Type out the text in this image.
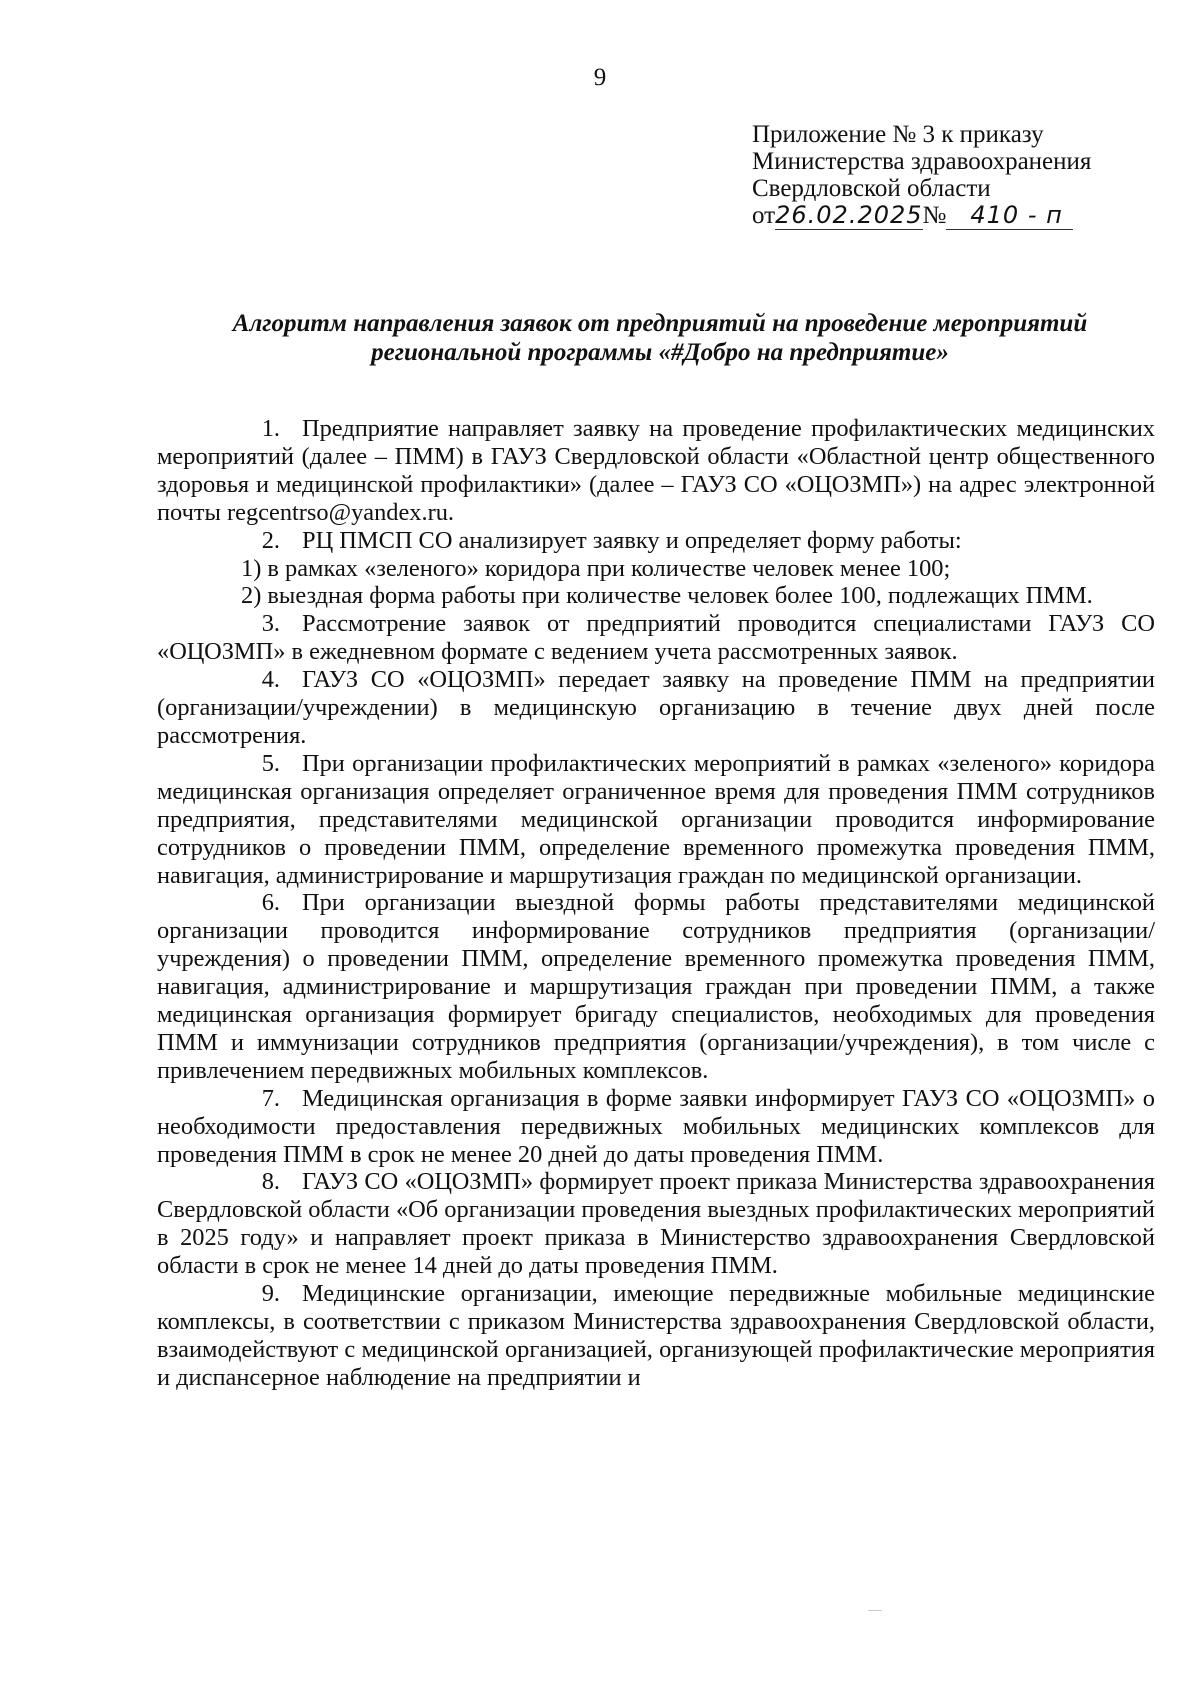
9
Приложение № 3 к приказу
Министерства здравоохранения
Свердловской области
от26.02.2025№ 410 - п
Алгоритм направления заявок от предприятий на проведение мероприятий
региональной программы «#Добро на предприятие»

1. Предприятие направляет заявку на проведение профилактических медицинских мероприятий (далее – ПММ) в ГАУЗ Свердловской области «Областной центр общественного здоровья и медицинской профилактики» (далее – ГАУЗ СО «ОЦОЗМП») на адрес электронной почты regcentrso@yandex.ru.

2. РЦ ПМСП СО анализирует заявку и определяет форму работы:

1) в рамках «зеленого» коридора при количестве человек менее 100;

2) выездная форма работы при количестве человек более 100, подлежащих ПММ.

3. Рассмотрение заявок от предприятий проводится специалистами ГАУЗ СО «ОЦОЗМП» в ежедневном формате с ведением учета рассмотренных заявок.

4. ГАУЗ СО «ОЦОЗМП» передает заявку на проведение ПММ на предприятии (организации/учреждении) в медицинскую организацию в течение двух дней после рассмотрения.

5. При организации профилактических мероприятий в рамках «зеленого» коридора медицинская организация определяет ограниченное время для проведения ПММ сотрудников предприятия, представителями медицинской организации проводится информирование сотрудников о проведении ПММ, определение временного промежутка проведения ПММ, навигация, администрирование и маршрутизация граждан по медицинской организации.

6. При организации выездной формы работы представителями медицинской организации проводится информирование сотрудников предприятия (организации/учреждения) о проведении ПММ, определение временного промежутка проведения ПММ, навигация, администрирование и маршрутизация граждан при проведении ПММ, а также медицинская организация формирует бригаду специалистов, необходимых для проведения ПММ и иммунизации сотрудников предприятия (организации/учреждения), в том числе с привлечением передвижных мобильных комплексов.

7. Медицинская организация в форме заявки информирует ГАУЗ СО «ОЦОЗМП» о необходимости предоставления передвижных мобильных медицинских комплексов для проведения ПММ в срок не менее 20 дней до даты проведения ПММ.

8. ГАУЗ СО «ОЦОЗМП» формирует проект приказа Министерства здравоохранения Свердловской области «Об организации проведения выездных профилактических мероприятий в 2025 году» и направляет проект приказа в Министерство здравоохранения Свердловской области в срок не менее 14 дней до даты проведения ПММ.

9. Медицинские организации, имеющие передвижные мобильные медицинские комплексы, в соответствии с приказом Министерства здравоохранения Свердловской области, взаимодействуют с медицинской организацией, организующей профилактические мероприятия и диспансерное наблюдение на предприятии и
